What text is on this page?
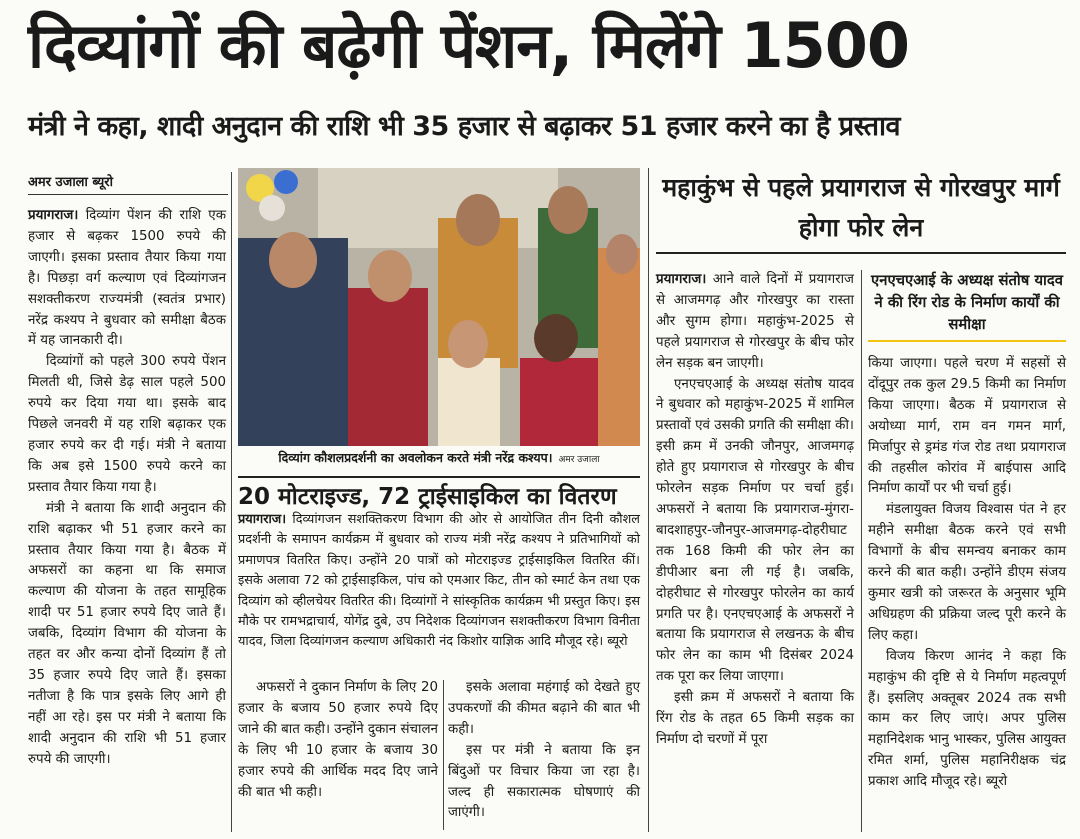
दिव्यांगों की बढ़ेगी पेंशन, मिलेंगे 1500
मंत्री ने कहा, शादी अनुदान की राशि भी 35 हजार से बढ़ाकर 51 हजार करने का है प्रस्ताव
अमर उजाला ब्यूरो

प्रयागराज। दिव्यांग पेंशन की राशि एक हजार से बढ़कर 1500 रुपये की जाएगी। इसका प्रस्ताव तैयार किया गया है। पिछड़ा वर्ग कल्याण एवं दिव्यांगजन सशक्तीकरण राज्यमंत्री (स्वतंत्र प्रभार) नरेंद्र कश्यप ने बुधवार को समीक्षा बैठक में यह जानकारी दी।

दिव्यांगों को पहले 300 रुपये पेंशन मिलती थी, जिसे डेढ़ साल पहले 500 रुपये कर दिया गया था। इसके बाद पिछले जनवरी में यह राशि बढ़ाकर एक हजार रुपये कर दी गई। मंत्री ने बताया कि अब इसे 1500 रुपये करने का प्रस्ताव तैयार किया गया है।

मंत्री ने बताया कि शादी अनुदान की राशि बढ़ाकर भी 51 हजार करने का प्रस्ताव तैयार किया गया है। बैठक में अफसरों का कहना था कि समाज कल्याण की योजना के तहत सामूहिक शादी पर 51 हजार रुपये दिए जाते हैं। जबकि, दिव्यांग विभाग की योजना के तहत वर और कन्या दोनों दिव्यांग हैं तो 35 हजार रुपये दिए जाते हैं। इसका नतीजा है कि पात्र इसके लिए आगे ही नहीं आ रहे। इस पर मंत्री ने बताया कि शादी अनुदान की राशि भी 51 हजार रुपये की जाएगी।

दिव्यांग कौशलप्रदर्शनी का अवलोकन करते मंत्री नरेंद्र कश्यप। अमर उजाला
20 मोटराइज्ड, 72 ट्राईसाइकिल का वितरण

प्रयागराज। दिव्यांगजन सशक्तिकरण विभाग की ओर से आयोजित तीन दिनी कौशल प्रदर्शनी के समापन कार्यक्रम में बुधवार को राज्य मंत्री नरेंद्र कश्यप ने प्रतिभागियों को प्रमाणपत्र वितरित किए। उन्होंने 20 पात्रों को मोटराइज्ड ट्राईसाइकिल वितरित कीं। इसके अलावा 72 को ट्राईसाइकिल, पांच को एमआर किट, तीन को स्मार्ट केन तथा एक दिव्यांग को व्हीलचेयर वितरित की। दिव्यांगों ने सांस्कृतिक कार्यक्रम भी प्रस्तुत किए। इस मौके पर रामभद्राचार्य, योगेंद्र दुबे, उप निदेशक दिव्यांगजन सशक्तीकरण विभाग विनीता यादव, जिला दिव्यांगजन कल्याण अधिकारी नंद किशोर याज्ञिक आदि मौजूद रहे। ब्यूरो

अफसरों ने दुकान निर्माण के लिए 20 हजार के बजाय 50 हजार रुपये दिए जाने की बात कही। उन्होंने दुकान संचालन के लिए भी 10 हजार के बजाय 30 हजार रुपये की आर्थिक मदद दिए जाने की बात भी कही।

इसके अलावा महंगाई को देखते हुए उपकरणों की कीमत बढ़ाने की बात भी कही।

इस पर मंत्री ने बताया कि इन बिंदुओं पर विचार किया जा रहा है। जल्द ही सकारात्मक घोषणाएं की जाएंगी।

महाकुंभ से पहले प्रयागराज से गोरखपुर मार्ग होगा फोर लेन

प्रयागराज। आने वाले दिनों में प्रयागराज से आजमगढ़ और गोरखपुर का रास्ता और सुगम होगा। महाकुंभ-2025 से पहले प्रयागराज से गोरखपुर के बीच फोर लेन सड़क बन जाएगी।

एनएचएआई के अध्यक्ष संतोष यादव ने बुधवार को महाकुंभ-2025 में शामिल प्रस्तावों एवं उसकी प्रगति की समीक्षा की। इसी क्रम में उनकी जौनपुर, आजमगढ़ होते हुए प्रयागराज से गोरखपुर के बीच फोरलेन सड़क निर्माण पर चर्चा हुई। अफसरों ने बताया कि प्रयागराज-मुंगरा-बादशाहपुर-जौनपुर-आजमगढ़-दोहरीघाट तक 168 किमी की फोर लेन का डीपीआर बना ली गई है। जबकि, दोहरीघाट से गोरखपुर फोरलेन का कार्य प्रगति पर है। एनएचएआई के अफसरों ने बताया कि प्रयागराज से लखनऊ के बीच फोर लेन का काम भी दिसंबर 2024 तक पूरा कर लिया जाएगा।

इसी क्रम में अफसरों ने बताया कि रिंग रोड के तहत 65 किमी सड़क का निर्माण दो चरणों में पूरा

एनएचएआई के अध्यक्ष संतोष यादव ने की रिंग रोड के निर्माण कार्यों की समीक्षा

किया जाएगा। पहले चरण में सहसों से दोंदूपुर तक कुल 29.5 किमी का निर्माण किया जाएगा। बैठक में प्रयागराज से अयोध्या मार्ग, राम वन गमन मार्ग, मिर्जापुर से ड्रमंड गंज रोड तथा प्रयागराज की तहसील कोरांव में बाईपास आदि निर्माण कार्यों पर भी चर्चा हुई।

मंडलायुक्त विजय विश्वास पंत ने हर महीने समीक्षा बैठक करने एवं सभी विभागों के बीच समन्वय बनाकर काम करने की बात कही। उन्होंने डीएम संजय कुमार खत्री को जरूरत के अनुसार भूमि अधिग्रहण की प्रक्रिया जल्द पूरी करने के लिए कहा।

विजय किरण आनंद ने कहा कि महाकुंभ की दृष्टि से ये निर्माण महत्वपूर्ण हैं। इसलिए अक्तूबर 2024 तक सभी काम कर लिए जाएं। अपर पुलिस महानिदेशक भानु भास्कर, पुलिस आयुक्त रमित शर्मा, पुलिस महानिरीक्षक चंद्र प्रकाश आदि मौजूद रहे। ब्यूरो
